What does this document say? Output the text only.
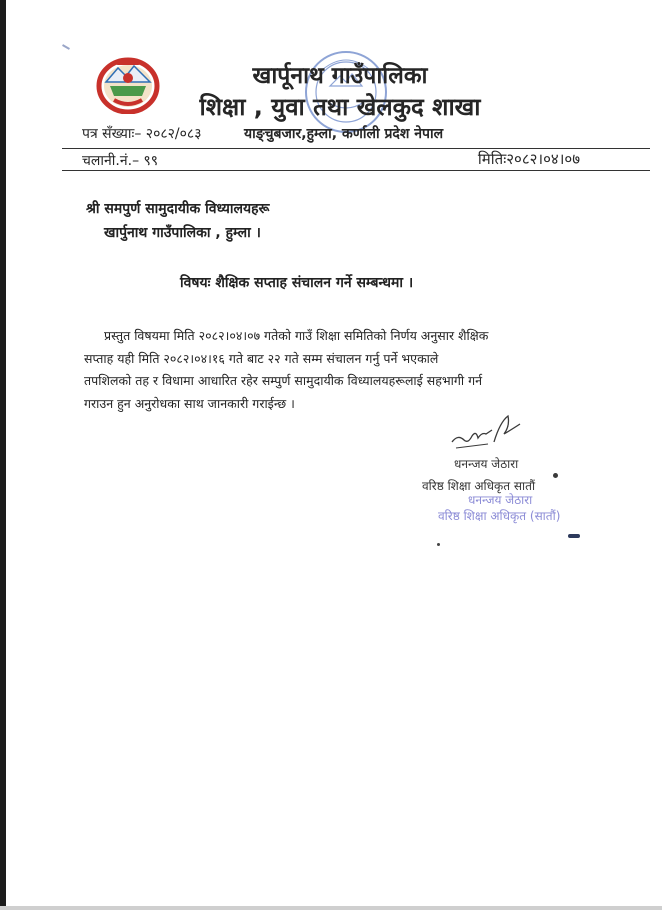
खार्पूनाथ गाउँपालिका
शिक्षा , युवा तथा खेलकुद शाखा
पत्र सँख्याः– २०८२/०८३	याङ्चुबजार,हुम्ला, कर्णाली प्रदेश नेपाल
चलानी.नं.– ९९	मितिः२०८२।०४।०७
श्री समपुर्ण सामुदायीक विध्यालयहरू
खार्पुनाथ गाउँपालिका , हुम्ला ।
विषयः शैक्षिक सप्ताह संचालन गर्ने सम्बन्धमा ।
प्रस्तुत विषयमा मिति २०८२।०४।०७ गतेको गाउँ शिक्षा समितिको निर्णय अनुसार शैक्षिक
सप्ताह यही मिति २०८२।०४।१६ गते बाट २२ गते सम्म संचालन गर्नु पर्ने भएकाले
तपशिलको तह र विधामा आधारित रहेर सम्पुर्ण सामुदायीक विध्यालयहरूलाई सहभागी गर्न
गराउन हुन अनुरोधका साथ जानकारी गराईन्छ ।
धनन्जय जेठारा
वरिष्ठ शिक्षा अधिकृत सातौं
धनन्जय जेठारा
वरिष्ठ शिक्षा अधिकृत (सातौं)
